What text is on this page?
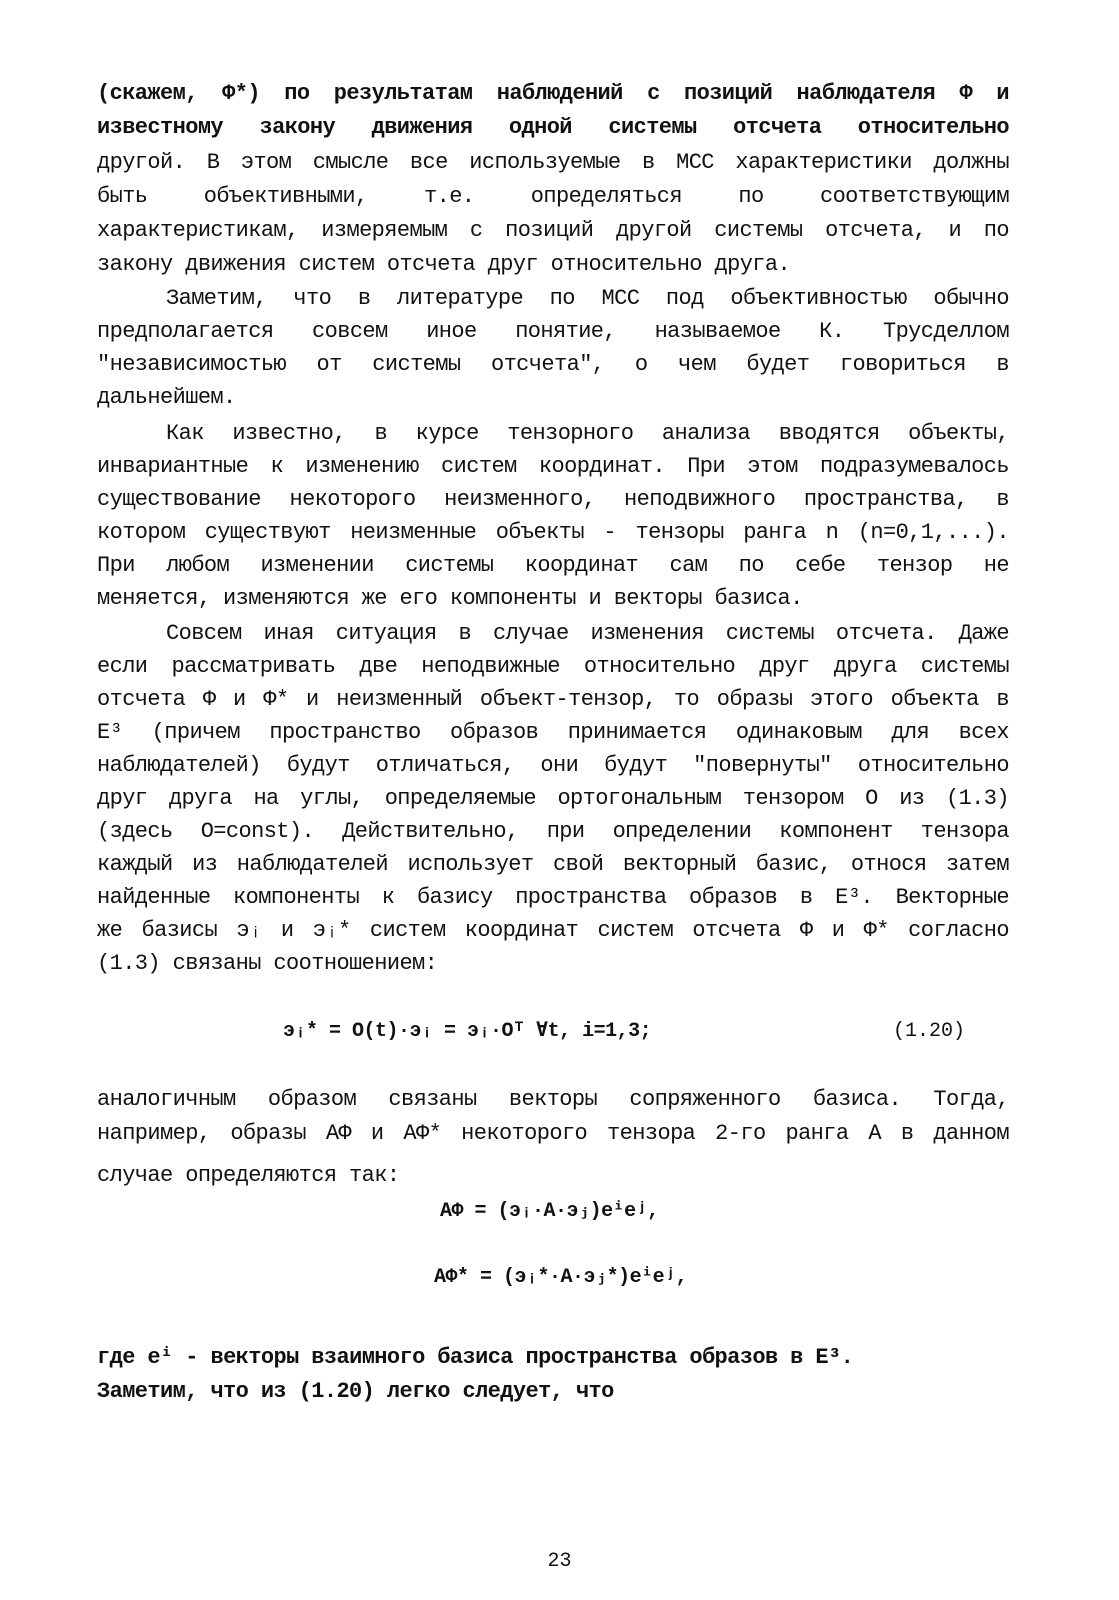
(скажем, Ф*) по результатам наблюдений с позиций наблюдателя Ф и
известному закону движения одной системы отсчета относительно
другой. В этом смысле все используемые в МСС характеристики должны
быть объективными, т.е. определяться по соответствующим
характеристикам, измеряемым с позиций другой системы отсчета, и по
закону движения систем отсчета друг относительно друга.
Заметим, что в литературе по МСС под объективностью обычно
предполагается совсем иное понятие, называемое К. Трусделлом
"независимостью от системы отсчета", о чем будет говориться в
дальнейшем.
Как известно, в курсе тензорного анализа вводятся объекты,
инвариантные к изменению систем координат. При этом подразумевалось
существование некоторого неизменного, неподвижного пространства, в
котором существуют неизменные объекты - тензоры ранга n (n=0,1,...).
При любом изменении системы координат сам по себе тензор не
меняется, изменяются же его компоненты и векторы базиса.
Совсем иная ситуация в случае изменения системы отсчета. Даже
если рассматривать две неподвижные относительно друг друга системы
отсчета Ф и Ф* и неизменный объект-тензор, то образы этого объекта в
E³ (причем пространство образов принимается одинаковым для всех
наблюдателей) будут отличаться, они будут "повернуты" относительно
друг друга на углы, определяемые ортогональным тензором O из (1.3)
(здесь O=const). Действительно, при определении компонент тензора
каждый из наблюдателей использует свой векторный базис, относя затем
найденные компоненты к базису пространства образов в E³. Векторные
же базисы эᵢ и эᵢ* систем координат систем отсчета Ф и Ф* согласно
(1.3) связаны соотношением:
эᵢ* = O(t)·эᵢ = эᵢ·Oᵀ ∀t, i=1,3;	(1.20)
аналогичным образом связаны векторы сопряженного базиса. Тогда,
например, образы AФ и AФ* некоторого тензора 2-го ранга A в данном
случае определяются так:
AФ = (эᵢ·A·эⱼ)eⁱeʲ,
AФ* = (эᵢ*·A·эⱼ*)eⁱeʲ,
где eⁱ - векторы взаимного базиса пространства образов в E³.
Заметим, что из (1.20) легко следует, что
23
